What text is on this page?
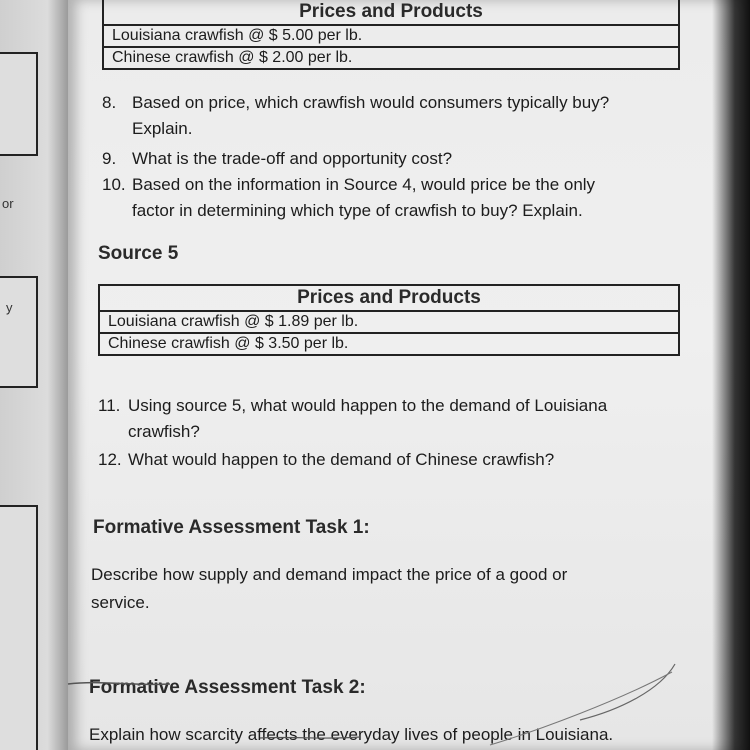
or
y
Prices and Products
Louisiana crawfish @ $ 5.00 per lb.
Chinese crawfish @ $ 2.00 per lb.
8. Based on price, which crawfish would consumers typically buy?
Explain.
9. What is the trade-off and opportunity cost?
10. Based on the information in Source 4, would price be the only
factor in determining which type of crawfish to buy? Explain.
Source 5
Prices and Products
Louisiana crawfish @ $ 1.89 per lb.
Chinese crawfish @ $ 3.50 per lb.
11. Using source 5, what would happen to the demand of Louisiana
crawfish?
12. What would happen to the demand of Chinese crawfish?
Formative Assessment Task 1:
Describe how supply and demand impact the price of a good or
service.
Formative Assessment Task 2:
Explain how scarcity affects the everyday lives of people in Louisiana.
